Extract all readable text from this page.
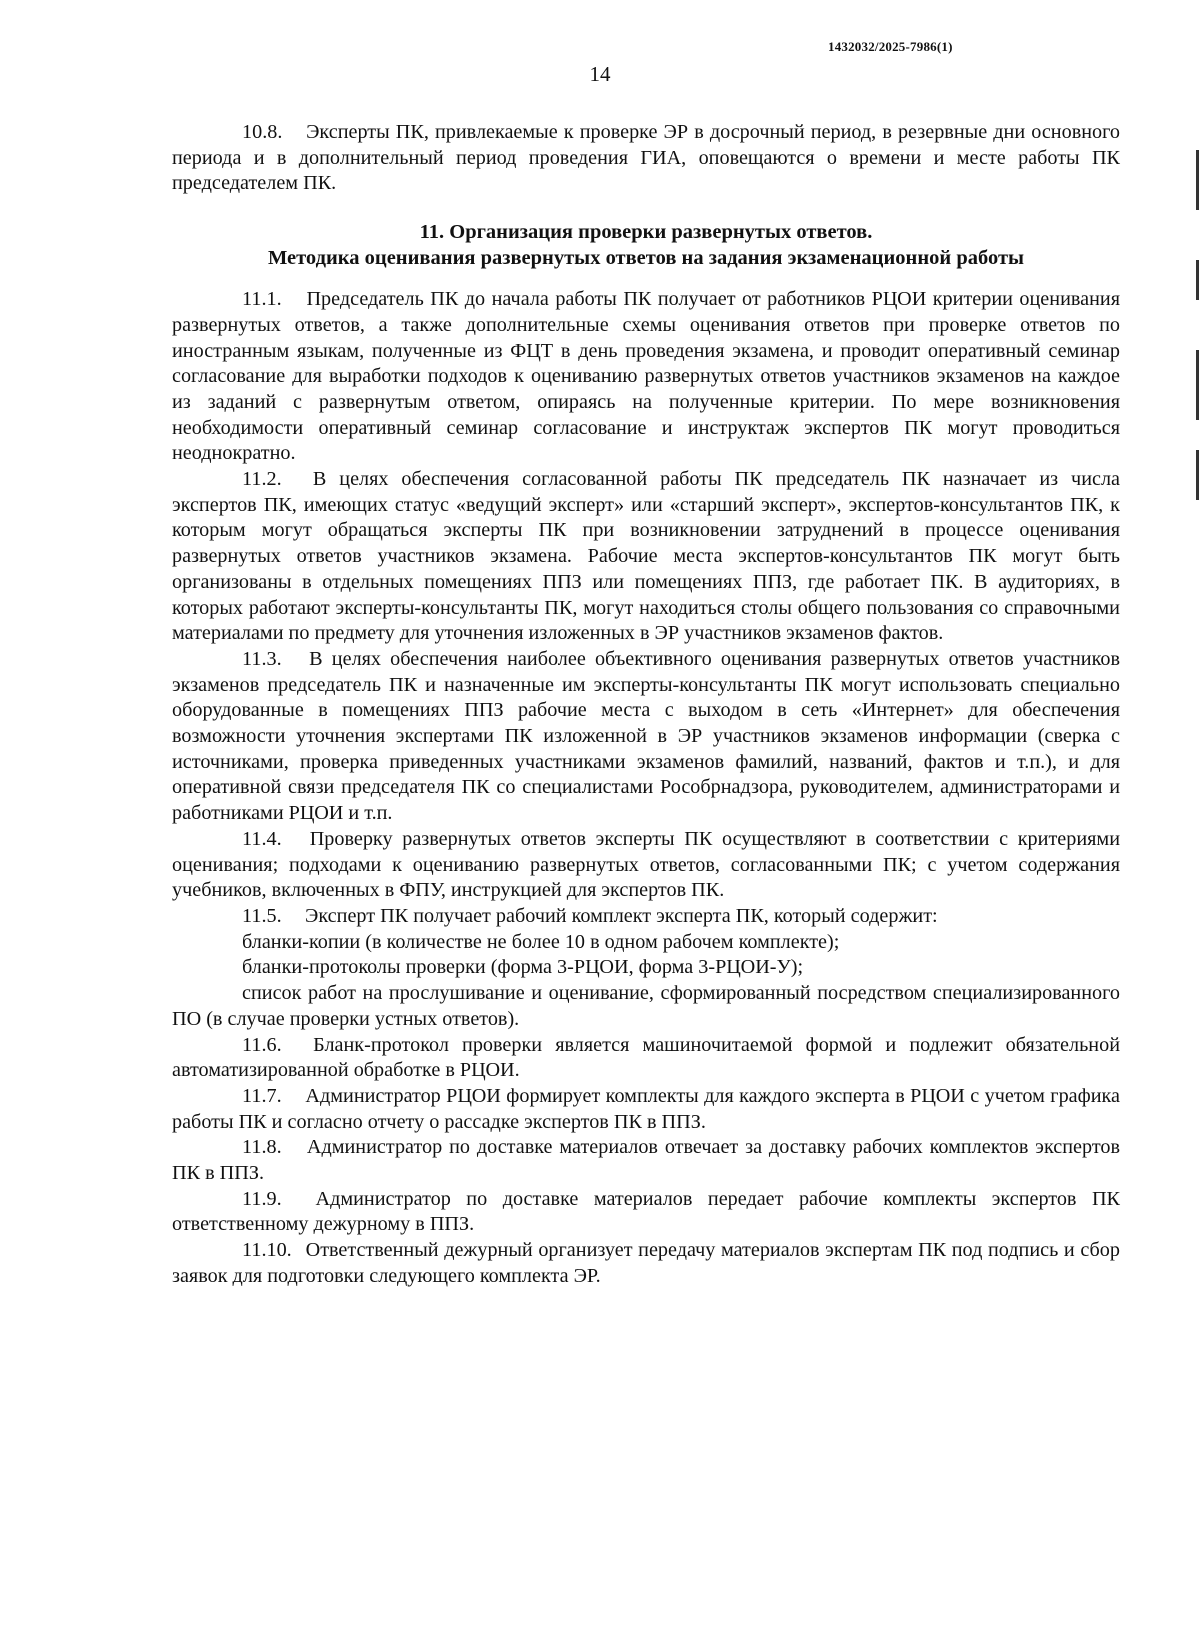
1432032/2025-7986(1)
14

10.8. Эксперты ПК, привлекаемые к проверке ЭР в досрочный период, в резервные дни основного периода и в дополнительный период проведения ГИА, оповещаются о времени и месте работы ПК председателем ПК.

11. Организация проверки развернутых ответов.
Методика оценивания развернутых ответов на задания экзаменационной работы

11.1. Председатель ПК до начала работы ПК получает от работников РЦОИ критерии оценивания развернутых ответов, а также дополнительные схемы оценивания ответов при проверке ответов по иностранным языкам, полученные из ФЦТ в день проведения экзамена, и проводит оперативный семинар согласование для выработки подходов к оцениванию развернутых ответов участников экзаменов на каждое из заданий с развернутым ответом, опираясь на полученные критерии. По мере возникновения необходимости оперативный семинар согласование и инструктаж экспертов ПК могут проводиться неоднократно.

11.2. В целях обеспечения согласованной работы ПК председатель ПК назначает из числа экспертов ПК, имеющих статус «ведущий эксперт» или «старший эксперт», экспертов-консультантов ПК, к которым могут обращаться эксперты ПК при возникновении затруднений в процессе оценивания развернутых ответов участников экзамена. Рабочие места экспертов-консультантов ПК могут быть организованы в отдельных помещениях ППЗ или помещениях ППЗ, где работает ПК. В аудиториях, в которых работают эксперты-консультанты ПК, могут находиться столы общего пользования со справочными материалами по предмету для уточнения изложенных в ЭР участников экзаменов фактов.

11.3. В целях обеспечения наиболее объективного оценивания развернутых ответов участников экзаменов председатель ПК и назначенные им эксперты-консультанты ПК могут использовать специально оборудованные в помещениях ППЗ рабочие места с выходом в сеть «Интернет» для обеспечения возможности уточнения экспертами ПК изложенной в ЭР участников экзаменов информации (сверка с источниками, проверка приведенных участниками экзаменов фамилий, названий, фактов и т.п.), и для оперативной связи председателя ПК со специалистами Рособрнадзора, руководителем, администраторами и работниками РЦОИ и т.п.

11.4. Проверку развернутых ответов эксперты ПК осуществляют в соответствии с критериями оценивания; подходами к оцениванию развернутых ответов, согласованными ПК; с учетом содержания учебников, включенных в ФПУ, инструкцией для экспертов ПК.

11.5. Эксперт ПК получает рабочий комплект эксперта ПК, который содержит:

бланки-копии (в количестве не более 10 в одном рабочем комплекте);

бланки-протоколы проверки (форма 3-РЦОИ, форма 3-РЦОИ-У);

список работ на прослушивание и оценивание, сформированный посредством специализированного ПО (в случае проверки устных ответов).

11.6. Бланк-протокол проверки является машиночитаемой формой и подлежит обязательной автоматизированной обработке в РЦОИ.

11.7. Администратор РЦОИ формирует комплекты для каждого эксперта в РЦОИ с учетом графика работы ПК и согласно отчету о рассадке экспертов ПК в ППЗ.

11.8. Администратор по доставке материалов отвечает за доставку рабочих комплектов экспертов ПК в ППЗ.

11.9. Администратор по доставке материалов передает рабочие комплекты экспертов ПК ответственному дежурному в ППЗ.

11.10. Ответственный дежурный организует передачу материалов экспертам ПК под подпись и сбор заявок для подготовки следующего комплекта ЭР.
